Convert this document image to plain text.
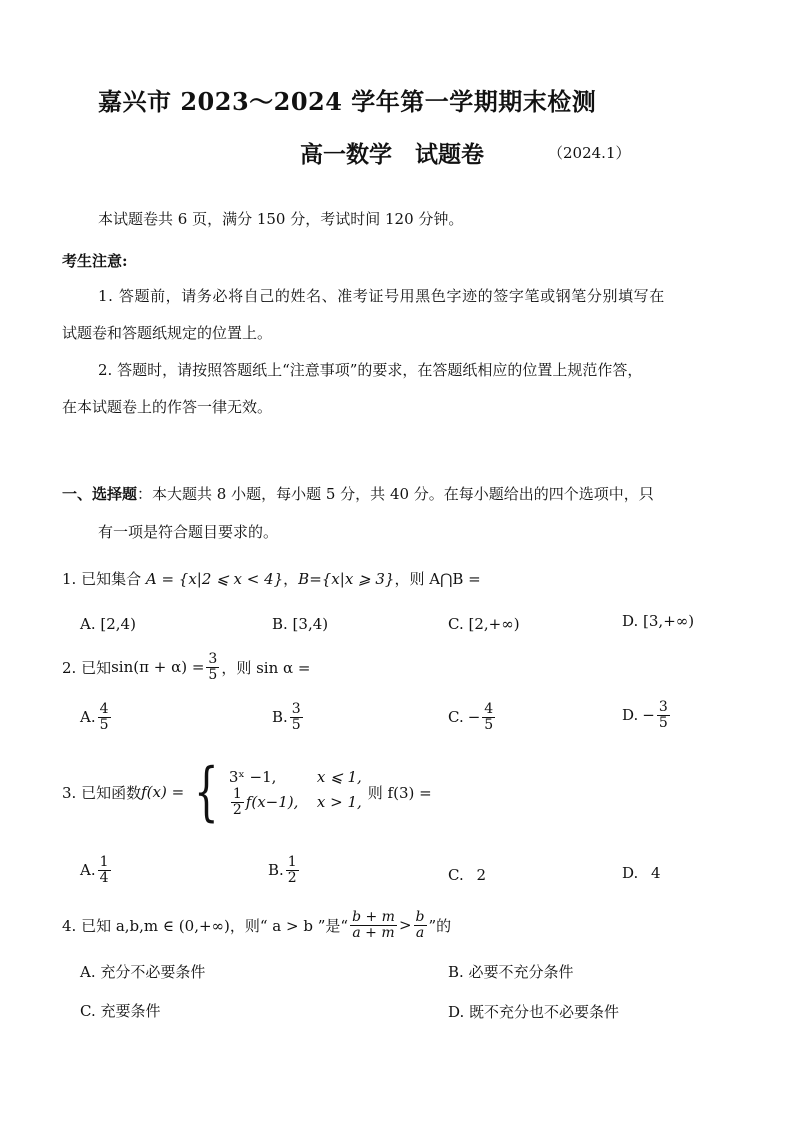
嘉兴市 2023～2024 学年第一学期期末检测
高一数学　试题卷	（2024.1）
本试题卷共 6 页，满分 150 分，考试时间 120 分钟。
考生注意:
1. 答题前，请务必将自己的姓名、准考证号用黑色字迹的签字笔或钢笔分别填写在
试题卷和答题纸规定的位置上。
2. 答题时，请按照答题纸上“注意事项”的要求，在答题纸相应的位置上规范作答，
在本试题卷上的作答一律无效。
一、选择题：本大题共 8 小题，每小题 5 分，共 40 分。在每小题给出的四个选项中，只
有一项是符合题目要求的。
1. 已知集合 A = {x|2 ⩽ x < 4}，B={x|x ⩾ 3}，则 A⋂B =
A. [2,4)	B. [3,4)	C. [2,+∞)	D. [3,+∞)
2. 已知 $\sin(\pi + \alpha) = \frac{3}{5}$ ，则 sin α =
A. $\frac{4}{5}$	B. $\frac{3}{5}$	C. − $\frac{4}{5}$	D. − $\frac{3}{5}$
3. 已知函数 f(x) = { 3ˣ −1,	x ⩽ 1,
$\frac{1}{2} f(x-1)$, x > 1,
则 f(3) =
A. $\frac{1}{4}$	B. $\frac{1}{2}$	C. 2	D. 4
4. 已知 a,b,m ∈ (0,+∞)，则“ a > b ”是“ $\frac{b + m}{a + m} > \frac{b}{a}$ ”的
A. 充分不必要条件	B. 必要不充分条件
C. 充要条件	D. 既不充分也不必要条件
